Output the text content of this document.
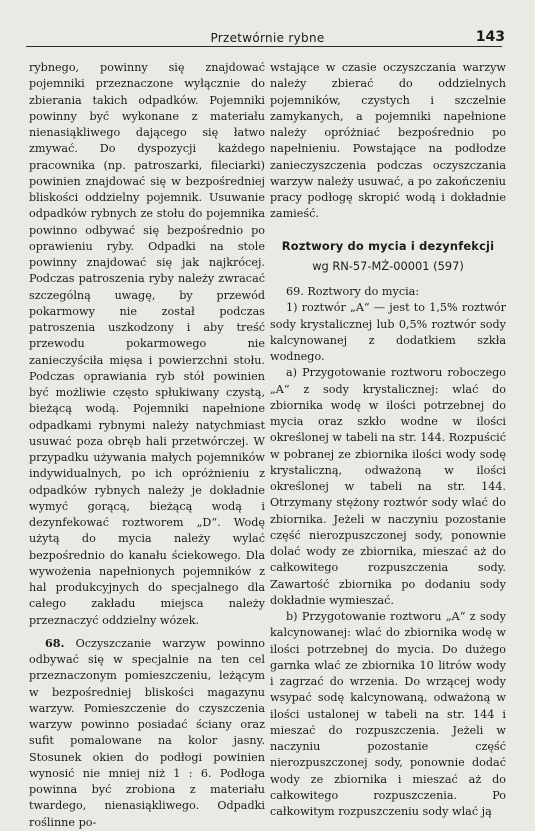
Przetwórnie rybne	143

rybnego, powinny się znajdować pojemniki przeznaczone wyłącznie do zbierania takich odpadków. Pojemniki powinny być wykonane z materiału nienasiąkliwego dającego się łatwo zmywać. Do dyspozycji każdego pracownika (np. patroszarki, fileciarki) powinien znajdować się w bezpośredniej bliskości oddzielny pojemnik. Usuwanie odpadków rybnych ze stołu do pojemnika powinno odbywać się bezpośrednio po oprawieniu ryby. Odpadki na stole powinny znajdować się jak najkrócej. Podczas patroszenia ryby należy zwracać szczególną uwagę, by przewód pokarmowy nie został podczas patroszenia uszkodzony i aby treść przewodu pokarmowego nie zanieczyściła mięsa i powierzchni stołu. Podczas oprawiania ryb stół powinien być możliwie często spłukiwany czystą, bieżącą wodą. Pojemniki napełnione odpadkami rybnymi należy natychmiast usuwać poza obręb hali przetwórczej. W przypadku używania małych pojemników indywidualnych, po ich opróżnieniu z odpadków rybnych należy je dokładnie wymyć gorącą, bieżącą wodą i dezynfekować roztworem „D“. Wodę użytą do mycia należy wylać bezpośrednio do kanału ściekowego. Dla wywożenia napełnionych pojemników z hal produkcyjnych do specjalnego dla całego zakładu miejsca należy przeznaczyć oddzielny wózek.

68. Oczyszczanie warzyw powinno odbywać się w specjalnie na ten cel przeznaczonym pomieszczeniu, leżącym w bezpośredniej bliskości magazynu warzyw. Pomieszczenie do czyszczenia warzyw powinno posiadać ściany oraz sufit pomalowane na kolor jasny. Stosunek okien do podłogi powinien wynosić nie mniej niż 1 : 6. Podłoga powinna być zrobiona z materiału twardego, nienasiąkliwego. Odpadki roślinne po-

wstające w czasie oczyszczania warzyw należy zbierać do oddzielnych pojemników, czystych i szczelnie zamykanych, a pojemniki napełnione należy opróżniać bezpośrednio po napełnieniu. Powstające na podłodze zanieczyszczenia podczas oczyszczania warzyw należy usuwać, a po zakończeniu pracy podłogę skropić wodą i dokładnie zamieść.

Roztwory do mycia i dezynfekcji
wg RN-57-MŻ-00001 (597)

69. Roztwory do mycia:

1) roztwór „A“ — jest to 1,5% roztwór sody krystalicznej lub 0,5% roztwór sody kalcynowanej z dodatkiem szkła wodnego.

a) Przygotowanie roztworu roboczego „A“ z sody krystalicznej: wlać do zbiornika wodę w ilości potrzebnej do mycia oraz szkło wodne w ilości określonej w tabeli na str. 144. Rozpuścić w pobranej ze zbiornika ilości wody sodę krystaliczną, odważoną w ilości określonej w tabeli na str. 144. Otrzymany stężony roztwór sody wlać do zbiornika. Jeżeli w naczyniu pozostanie część nierozpuszczonej sody, ponownie dolać wody ze zbiornika, mieszać aż do całkowitego rozpuszczenia sody. Zawartość zbiornika po dodaniu sody dokładnie wymieszać.

b) Przygotowanie roztworu „A“ z sody kalcynowanej: wlać do zbiornika wodę w ilości potrzebnej do mycia. Do dużego garnka wlać ze zbiornika 10 litrów wody i zagrzać do wrzenia. Do wrzącej wody wsypać sodę kalcynowaną, odważoną w ilości ustalonej w tabeli na str. 144 i mieszać do rozpuszczenia. Jeżeli w naczyniu pozostanie część nierozpuszczonej sody, ponownie dodać wody ze zbiornika i mieszać aż do całkowitego rozpuszczenia. Po całkowitym rozpuszczeniu sody wlać ją
